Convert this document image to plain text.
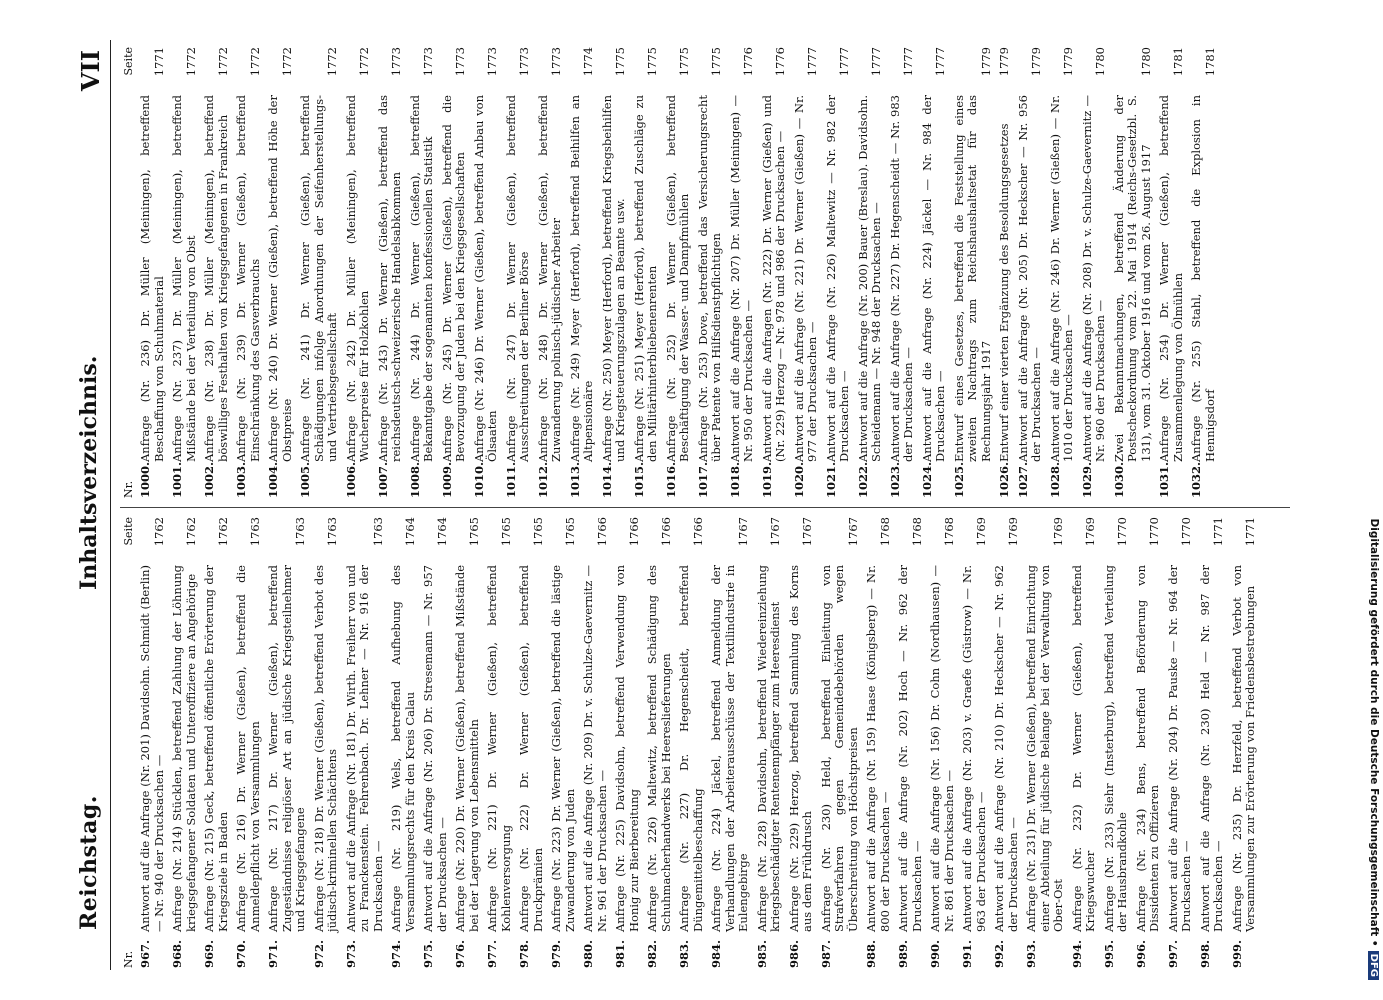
Reichstag.
Inhaltsverzeichnis.
VII
Nr.
Seite
967.
Antwort auf die Anfrage (Nr. 201) Davidsohn. Schmidt (Berlin) — Nr. 940 der Drucksachen —
1762
968.
Anfrage (Nr. 214) Stücklen, betreffend Zahlung der Löhnung kriegsgefangener Soldaten und Unteroffiziere an Angehörige
1762
969.
Anfrage (Nr. 215) Geck, betreffend öffentliche Erörterung der Kriegsziele in Baden
1762
970.
Anfrage (Nr. 216) Dr. Werner (Gießen), betreffend die Anmeldepflicht von Versammlungen
1763
971.
Anfrage (Nr. 217) Dr. Werner (Gießen), betreffend Zugeständnisse religiöser Art an jüdische Kriegsteilnehmer und Kriegsgefangene
1763
972.
Anfrage (Nr. 218) Dr. Werner (Gießen), betreffend Verbot des jüdisch-kriminellen Schächtens
1763
973.
Antwort auf die Anfrage (Nr. 181) Dr. Wirth. Freiherr von und zu Franckenstein. Fehrenbach. Dr. Lehner — Nr. 916 der Drucksachen —
1763
974.
Anfrage (Nr. 219) Wels, betreffend Aufhebung des Versammlungsrechts für den Kreis Calau
1764
975.
Antwort auf die Anfrage (Nr. 206) Dr. Stresemann — Nr. 957 der Drucksachen —
1764
976.
Anfrage (Nr. 220) Dr. Werner (Gießen), betreffend Mißstände bei der Lagerung von Lebensmitteln
1765
977.
Anfrage (Nr. 221) Dr. Werner (Gießen), betreffend Kohlenversorgung
1765
978.
Anfrage (Nr. 222) Dr. Werner (Gießen), betreffend Druckprämien
1765
979.
Anfrage (Nr. 223) Dr. Werner (Gießen), betreffend die lästige Zuwanderung von Juden
1765
980.
Antwort auf die Anfrage (Nr. 209) Dr. v. Schulze-Gaevernitz — Nr. 961 der Drucksachen —
1766
981.
Anfrage (Nr. 225) Davidsohn, betreffend Verwendung von Honig zur Bierbereitung
1766
982.
Anfrage (Nr. 226) Maltewitz, betreffend Schädigung des Schuhmacherhandwerks bei Heereslieferungen
1766
983.
Anfrage (Nr. 227) Dr. Hegenscheidt, betreffend Düngemittelbeschaffung
1766
984.
Anfrage (Nr. 224) Jäckel, betreffend Anmeldung der Verhandlungen der Arbeiterausschüsse der Textilindustrie in Eulengebirge
1767
985.
Anfrage (Nr. 228) Davidsohn, betreffend Wiedereinziehung kriegsbeschädigter Rentenempfänger zum Heeresdienst
1767
986.
Anfrage (Nr. 229) Herzog, betreffend Sammlung des Korns aus dem Frühdrusch
1767
987.
Anfrage (Nr. 230) Held, betreffend Einleitung von Strafverfahren gegen Gemeindebehörden wegen Überschreitung von Höchstpreisen
1767
988.
Antwort auf die Anfrage (Nr. 159) Haase (Königsberg) — Nr. 800 der Drucksachen —
1768
989.
Antwort auf die Anfrage (Nr. 202) Hoch — Nr. 962 der Drucksachen —
1768
990.
Antwort auf die Anfrage (Nr. 156) Dr. Cohn (Nordhausen) — Nr. 861 der Drucksachen —
1768
991.
Antwort auf die Anfrage (Nr. 203) v. Graefe (Güstrow) — Nr. 963 der Drucksachen —
1769
992.
Antwort auf die Anfrage (Nr. 210) Dr. Heckscher — Nr. 962 der Drucksachen —
1769
993.
Anfrage (Nr. 231) Dr. Werner (Gießen), betreffend Einrichtung einer Abteilung für jüdische Belange bei der Verwaltung von Ober-Ost
1769
994.
Anfrage (Nr. 232) Dr. Werner (Gießen), betreffend Kriegswucher
1769
995.
Anfrage (Nr. 233) Siehr (Insterburg), betreffend Verteilung der Hausbrandkohle
1770
996.
Anfrage (Nr. 234) Bens, betreffend Beförderung von Dissidenten zu Offizieren
1770
997.
Antwort auf die Anfrage (Nr. 204) Dr. Pauske — Nr. 964 der Drucksachen —
1770
998.
Antwort auf die Anfrage (Nr. 230) Held — Nr. 987 der Drucksachen —
1771
999.
Anfrage (Nr. 235) Dr. Herzfeld, betreffend Verbot von Versammlungen zur Erörterung von Friedensbestrebungen
1771
Nr.
Seite
1000.
Anfrage (Nr. 236) Dr. Müller (Meiningen), betreffend Beschaffung von Schuhmaterial
1771
1001.
Anfrage (Nr. 237) Dr. Müller (Meiningen), betreffend Mißstände bei der Verteilung von Obst
1772
1002.
Anfrage (Nr. 238) Dr. Müller (Meiningen), betreffend böswilliges Festhalten von Kriegsgefangenen in Frankreich
1772
1003.
Anfrage (Nr. 239) Dr. Werner (Gießen), betreffend Einschränkung des Gasverbrauchs
1772
1004.
Anfrage (Nr. 240) Dr. Werner (Gießen), betreffend Höhe der Obstpreise
1772
1005.
Anfrage (Nr. 241) Dr. Werner (Gießen), betreffend Schädigungen infolge Anordnungen der Seifenherstellungs- und Vertriebsgesellschaft
1772
1006.
Anfrage (Nr. 242) Dr. Müller (Meiningen), betreffend Wucherpreise für Holzkohlen
1772
1007.
Anfrage (Nr. 243) Dr. Werner (Gießen), betreffend das reichsdeutsch-schweizerische Handelsabkommen
1773
1008.
Anfrage (Nr. 244) Dr. Werner (Gießen), betreffend Bekanntgabe der sogenannten konfessionellen Statistik
1773
1009.
Anfrage (Nr. 245) Dr. Werner (Gießen), betreffend die Bevorzugung der Juden bei den Kriegsgesellschaften
1773
1010.
Anfrage (Nr. 246) Dr. Werner (Gießen), betreffend Anbau von Ölsaaten
1773
1011.
Anfrage (Nr. 247) Dr. Werner (Gießen), betreffend Ausschreitungen der Berliner Börse
1773
1012.
Anfrage (Nr. 248) Dr. Werner (Gießen), betreffend Zuwanderung polnisch-jüdischer Arbeiter
1773
1013.
Anfrage (Nr. 249) Meyer (Herford), betreffend Beihilfen an Altpensionäre
1774
1014.
Anfrage (Nr. 250) Meyer (Herford), betreffend Kriegsbeihilfen und Kriegsteuerungszulagen an Beamte usw.
1775
1015.
Anfrage (Nr. 251) Meyer (Herford), betreffend Zuschläge zu den Militärhinterbliebenenrenten
1775
1016.
Anfrage (Nr. 252) Dr. Werner (Gießen), betreffend Beschäftigung der Wasser- und Dampfmühlen
1775
1017.
Anfrage (Nr. 253) Dove, betreffend das Versicherungsrecht über Patente von Hilfsdienstpflichtigen
1775
1018.
Antwort auf die Anfrage (Nr. 207) Dr. Müller (Meiningen) — Nr. 950 der Drucksachen —
1776
1019.
Antwort auf die Anfragen (Nr. 222) Dr. Werner (Gießen) und (Nr. 229) Herzog — Nr. 978 und 986 der Drucksachen —
1776
1020.
Antwort auf die Anfrage (Nr. 221) Dr. Werner (Gießen) — Nr. 977 der Drucksachen —
1777
1021.
Antwort auf die Anfrage (Nr. 226) Maltewitz — Nr. 982 der Drucksachen —
1777
1022.
Antwort auf die Anfrage (Nr. 200) Bauer (Breslau). Davidsohn. Scheidemann — Nr. 948 der Drucksachen —
1777
1023.
Antwort auf die Anfrage (Nr. 227) Dr. Hegenscheidt — Nr. 983 der Drucksachen —
1777
1024.
Antwort auf die Anfrage (Nr. 224) Jäckel — Nr. 984 der Drucksachen —
1777
1025.
Entwurf eines Gesetzes, betreffend die Feststellung eines zweiten Nachtrags zum Reichshaushaltsetat für das Rechnungsjahr 1917
1779
1026.
Entwurf einer vierten Ergänzung des Besoldungsgesetzes
1779
1027.
Antwort auf die Anfrage (Nr. 205) Dr. Heckscher — Nr. 956 der Drucksachen —
1779
1028.
Antwort auf die Anfrage (Nr. 246) Dr. Werner (Gießen) — Nr. 1010 der Drucksachen —
1779
1029.
Antwort auf die Anfrage (Nr. 208) Dr. v. Schulze-Gaevernitz — Nr. 960 der Drucksachen —
1780
1030.
Zwei Bekanntmachungen, betreffend Änderung der Postscheckordnung vom 22. Mai 1914 (Reichs-Gesetzbl. S. 131), vom 31. Oktober 1916 und vom 26. August 1917
1780
1031.
Anfrage (Nr. 254) Dr. Werner (Gießen), betreffend Zusammenlegung von Ölmühlen
1781
1032.
Anfrage (Nr. 255) Stahl, betreffend die Explosion in Hennigsdorf
1781
Digitalisierung gefördert durch die Deutsche Forschungsgemeinschaft •DFG
